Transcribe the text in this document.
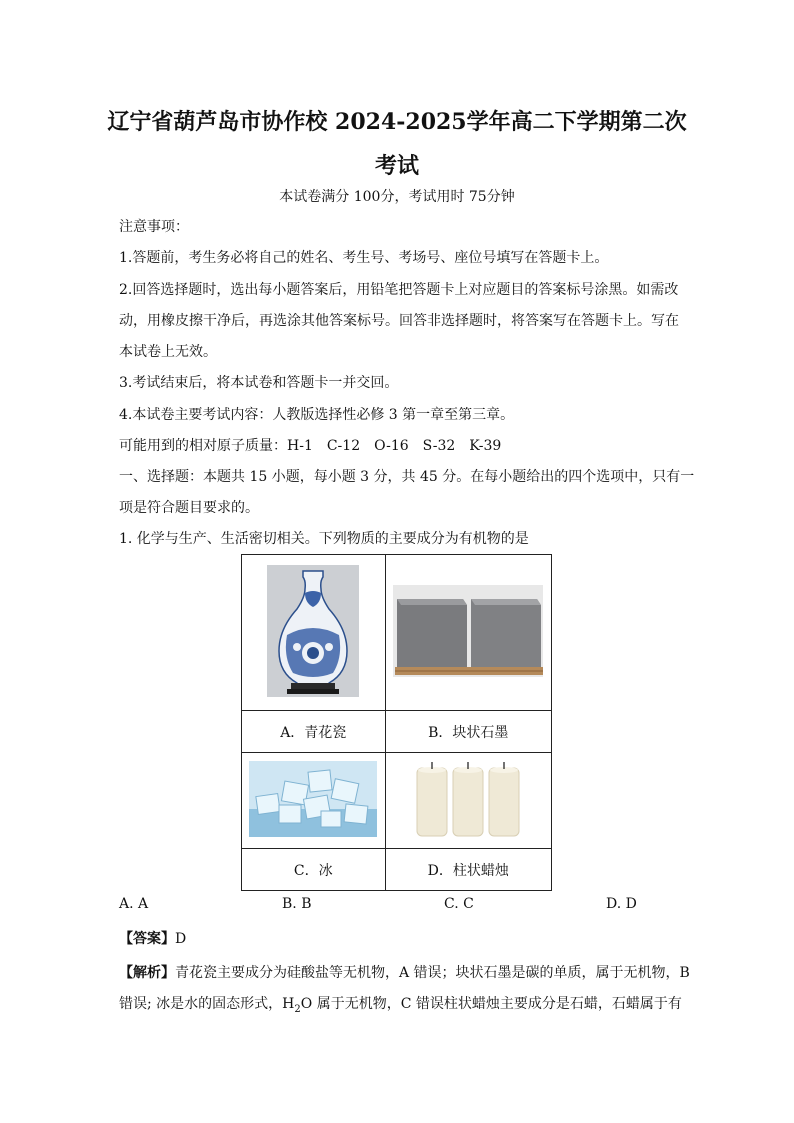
辽宁省葫芦岛市协作校 2024-2025学年高二下学期第二次考试
本试卷满分 100分，考试用时 75分钟
注意事项：
1.答题前，考生务必将自己的姓名、考生号、考场号、座位号填写在答题卡上。
2.回答选择题时，选出每小题答案后，用铅笔把答题卡上对应题目的答案标号涂黑。如需改
动，用橡皮擦干净后，再选涂其他答案标号。回答非选择题时，将答案写在答题卡上。写在
本试卷上无效。
3.考试结束后，将本试卷和答题卡一并交回。
4.本试卷主要考试内容：人教版选择性必修 3 第一章至第三章。
可能用到的相对原子质量：H-1　C-12　O-16　S-32　K-39
一、选择题：本题共 15 小题，每小题 3 分，共 45 分。在每小题给出的四个选项中，只有一
项是符合题目要求的。
1. 化学与生产、生活密切相关。下列物质的主要成分为有机物的是

A．青花瓷	B．块状石墨

C．冰	D．柱状蜡烛
A. A	B. B	C. C	D. D
【答案】D
【解析】青花瓷主要成分为硅酸盐等无机物，A 错误；块状石墨是碳的单质，属于无机物，B
错误; 冰是水的固态形式，$H_2O$ 属于无机物，C 错误柱状蜡烛主要成分是石蜡，石蜡属于有
